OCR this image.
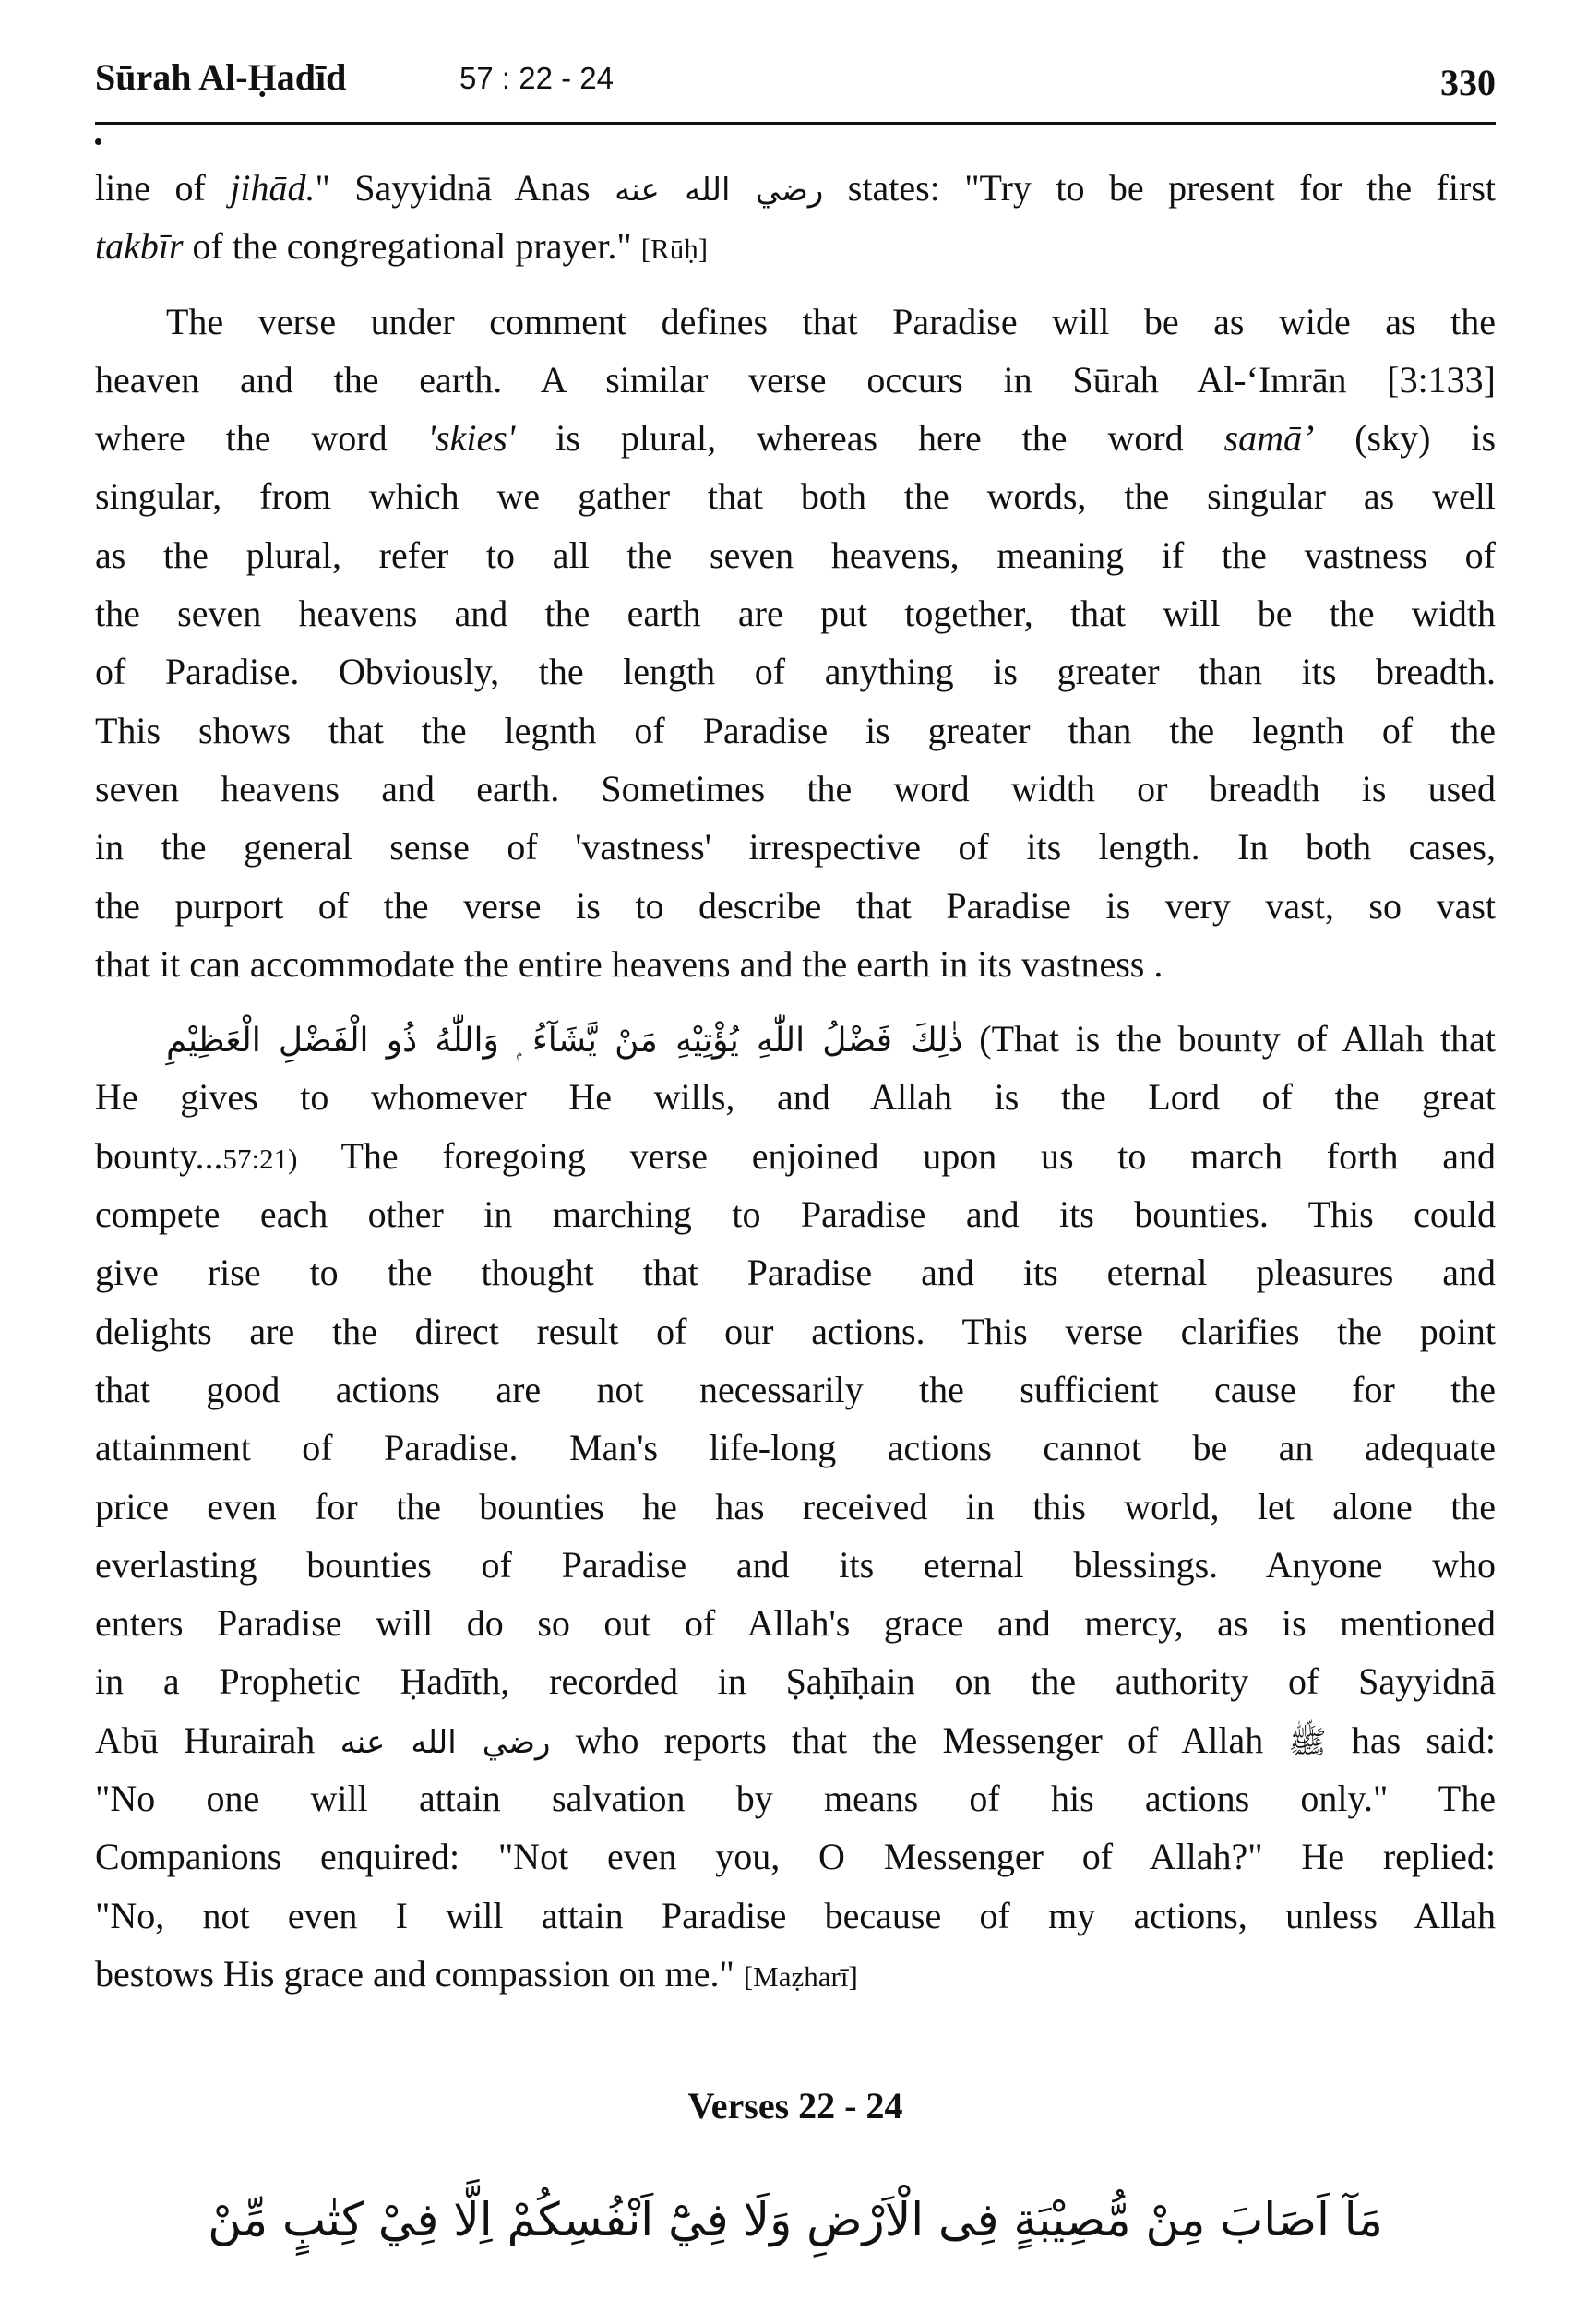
Sūrah Al-Ḥadīd	57 : 22 - 24	330
line of jihād." Sayyidnā Anas رضي الله عنه states: "Try to be present for the first
takbīr of the congregational prayer." [Rūḥ]
The verse under comment defines that Paradise will be as wide as the
heaven and the earth. A similar verse occurs in Sūrah Al-‘Imrān [3:133]
where the word 'skies' is plural, whereas here the word samā’ (sky) is
singular, from which we gather that both the words, the singular as well
as the plural, refer to all the seven heavens, meaning if the vastness of
the seven heavens and the earth are put together, that will be the width
of Paradise. Obviously, the length of anything is greater than its breadth.
This shows that the legnth of Paradise is greater than the legnth of the
seven heavens and earth. Sometimes the word width or breadth is used
in the general sense of 'vastness' irrespective of its length. In both cases,
the purport of the verse is to describe that Paradise is very vast, so vast
that it can accommodate the entire heavens and the earth in its vastness .
ذٰلِكَ فَضْلُ اللّٰهِ يُؤْتِيْهِ مَنْ يَّشَآءُ ۭ وَاللّٰهُ ذُو الْفَضْلِ الْعَظِيْمِ (That is the bounty of Allah that
He gives to whomever He wills, and Allah is the Lord of the great
bounty...57:21) The foregoing verse enjoined upon us to march forth and
compete each other in marching to Paradise and its bounties. This could
give rise to the thought that Paradise and its eternal pleasures and
delights are the direct result of our actions. This verse clarifies the point
that good actions are not necessarily the sufficient cause for the
attainment of Paradise. Man's life-long actions cannot be an adequate
price even for the bounties he has received in this world, let alone the
everlasting bounties of Paradise and its eternal blessings. Anyone who
enters Paradise will do so out of Allah's grace and mercy, as is mentioned
in a Prophetic Ḥadīth, recorded in Ṣaḥīḥain on the authority of Sayyidnā
Abū Hurairah رضي الله عنه who reports that the Messenger of Allah ﷺ has said:
"No one will attain salvation by means of his actions only." The
Companions enquired: "Not even you, O Messenger of Allah?" He replied:
"No, not even I will attain Paradise because of my actions, unless Allah
bestows His grace and compassion on me." [Maẓharī]
Verses 22 - 24
مَآ اَصَابَ مِنْ مُّصِيْبَةٍ فِى الْاَرْضِ وَلَا فِيْٓ اَنْفُسِكُمْ اِلَّا فِيْ كِتٰبٍ مِّنْ
